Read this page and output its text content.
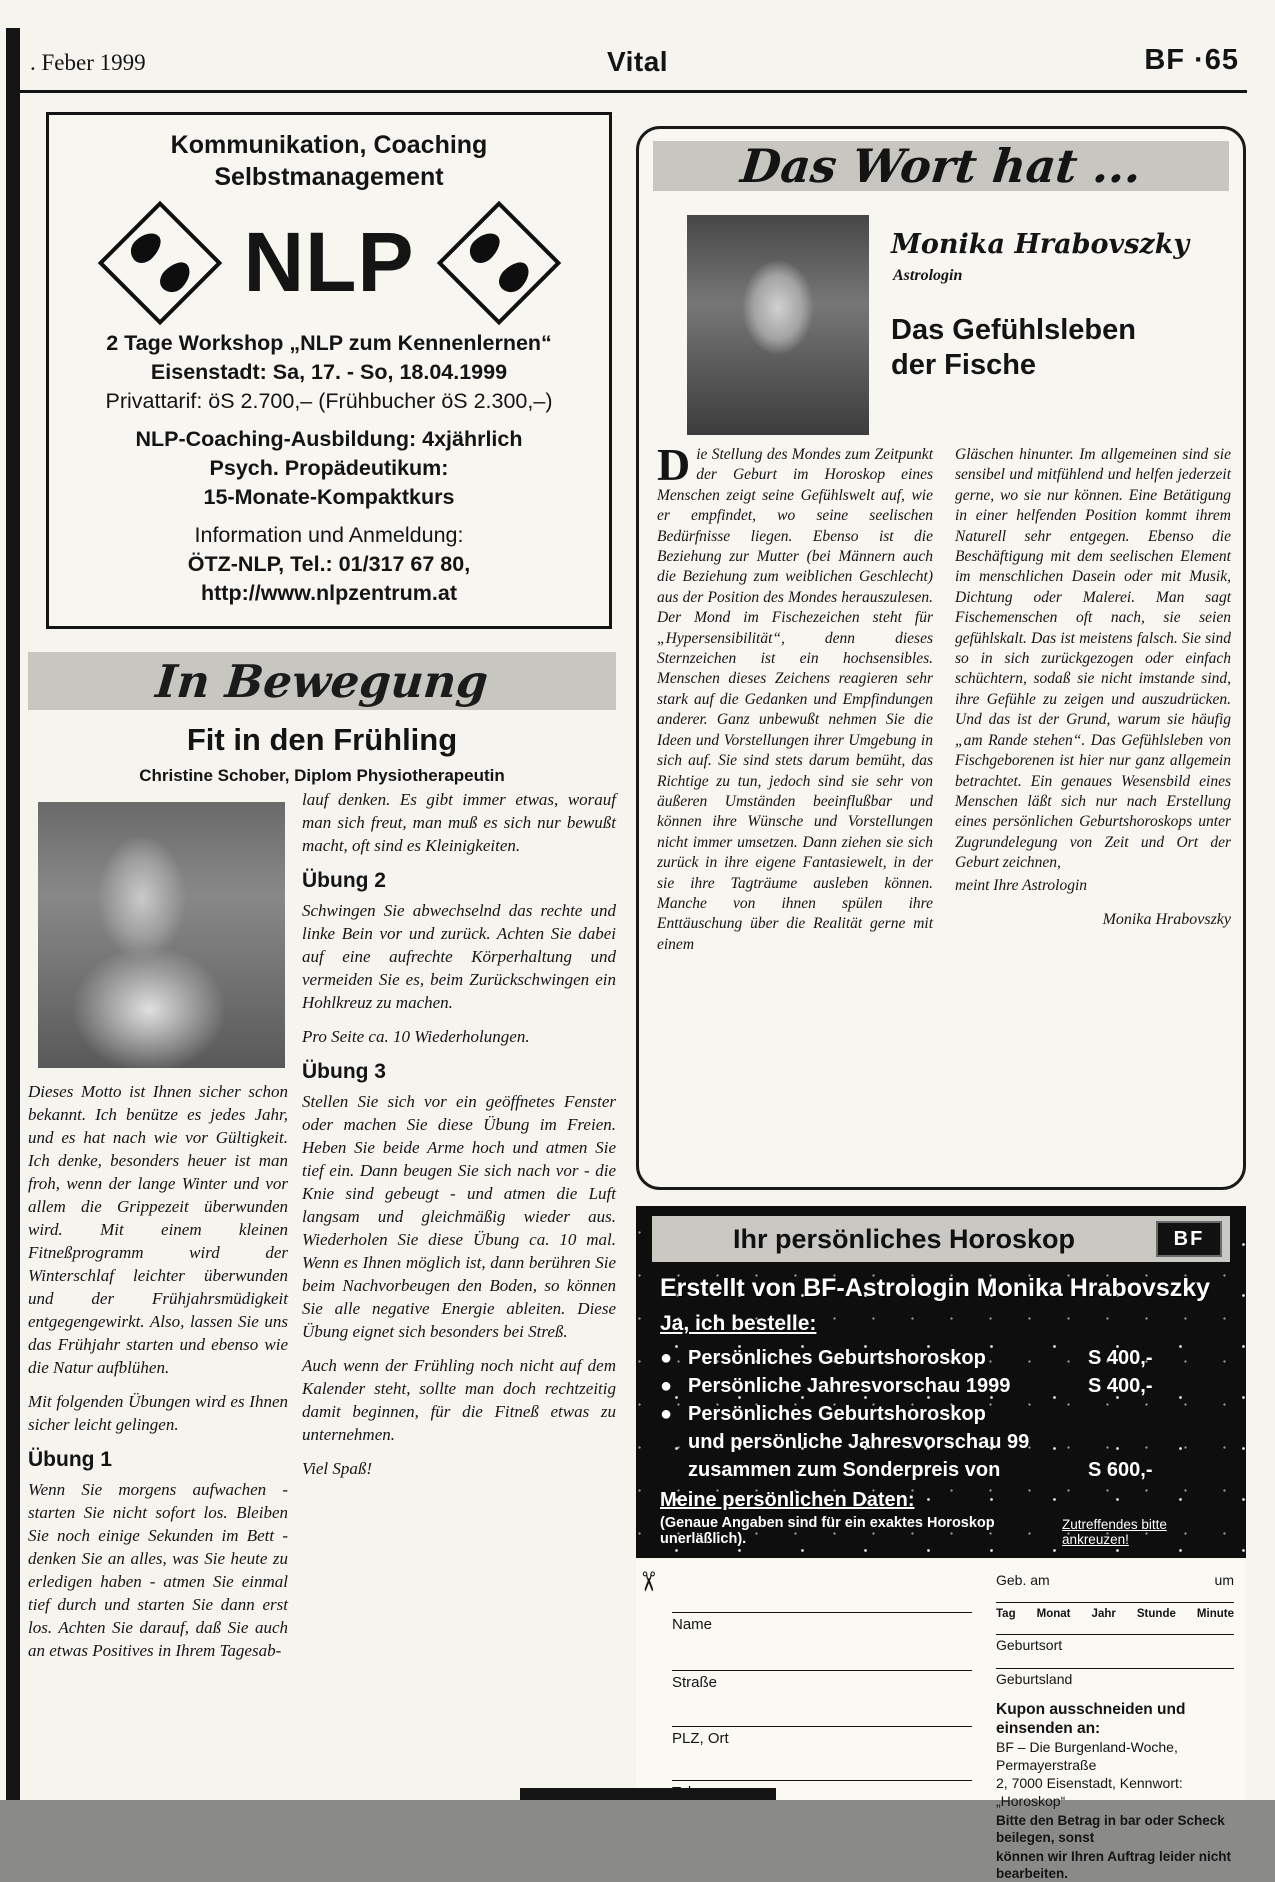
. Feber 1999	Vital	BF ·65
Kommunikation, Coaching
Selbstmanagement
NLP
2 Tage Workshop „NLP zum Kennenlernen“
Eisenstadt: Sa, 17. - So, 18.04.1999
Privattarif: öS 2.700,– (Frühbucher öS 2.300,–)
NLP-Coaching-Ausbildung: 4xjährlich
Psych. Propädeutikum:
15-Monate-Kompaktkurs
Information und Anmeldung:
ÖTZ-NLP, Tel.: 01/317 67 80,
http://www.nlpzentrum.at
In Bewegung
Fit in den Frühling
Christine Schober, Diplom Physiotherapeutin

lauf denken. Es gibt immer etwas, worauf man sich freut, man muß es sich nur bewußt macht, oft sind es Kleinigkeiten.

Übung 2

Schwingen Sie abwechselnd das rechte und linke Bein vor und zurück. Achten Sie dabei auf eine aufrechte Körperhaltung und vermeiden Sie es, beim Zurückschwingen ein Hohlkreuz zu machen.

Pro Seite ca. 10 Wiederholungen.

Übung 3

Stellen Sie sich vor ein geöffnetes Fenster oder machen Sie diese Übung im Freien. Heben Sie beide Arme hoch und atmen Sie tief ein. Dann beugen Sie sich nach vor - die Knie sind gebeugt - und atmen die Luft langsam und gleichmäßig wieder aus. Wiederholen Sie diese Übung ca. 10 mal. Wenn es Ihnen möglich ist, dann berühren Sie beim Nachvorbeugen den Boden, so können Sie alle negative Energie ableiten. Diese Übung eignet sich besonders bei Streß.

Auch wenn der Frühling noch nicht auf dem Kalender steht, sollte man doch rechtzeitig damit beginnen, für die Fitneß etwas zu unternehmen.

Viel Spaß!

Dieses Motto ist Ihnen sicher schon bekannt. Ich benütze es jedes Jahr, und es hat nach wie vor Gültigkeit. Ich denke, besonders heuer ist man froh, wenn der lange Winter und vor allem die Grippezeit überwunden wird. Mit einem kleinen Fitneßprogramm wird der Winterschlaf leichter überwunden und der Frühjahrsmüdigkeit entgegengewirkt. Also, lassen Sie uns das Frühjahr starten und ebenso wie die Natur aufblühen.

Mit folgenden Übungen wird es Ihnen sicher leicht gelingen.

Übung 1

Wenn Sie morgens aufwachen - starten Sie nicht sofort los. Bleiben Sie noch einige Sekunden im Bett - denken Sie an alles, was Sie heute zu erledigen haben - atmen Sie einmal tief durch und starten Sie dann erst los. Achten Sie darauf, daß Sie auch an etwas Positives in Ihrem Tagesab-

Das Wort hat ...
Monika Hrabovszky
Astrologin
Das Gefühlsleben
der Fische
Die Stellung des Mondes zum Zeitpunkt der Geburt im Horoskop eines Menschen zeigt seine Gefühlswelt auf, wie er empfindet, wo seine seelischen Bedürfnisse liegen. Ebenso ist die Beziehung zur Mutter (bei Männern auch die Beziehung zum weiblichen Geschlecht) aus der Position des Mondes herauszulesen. Der Mond im Fischezeichen steht für „Hypersensibilität“, denn dieses Sternzeichen ist ein hochsensibles. Menschen dieses Zeichens reagieren sehr stark auf die Gedanken und Empfindungen anderer. Ganz unbewußt nehmen Sie die Ideen und Vorstellungen ihrer Umgebung in sich auf. Sie sind stets darum bemüht, das Richtige zu tun, jedoch sind sie sehr von äußeren Umständen beeinflußbar und können ihre Wünsche und Vorstellungen nicht immer umsetzen. Dann ziehen sie sich zurück in ihre eigene Fantasiewelt, in der sie ihre Tagträume ausleben können. Manche von ihnen spülen ihre Enttäuschung über die Realität gerne mit einem
Gläschen hinunter. Im allgemeinen sind sie sensibel und mitfühlend und helfen jederzeit gerne, wo sie nur können. Eine Betätigung in einer helfenden Position kommt ihrem Naturell sehr entgegen. Ebenso die Beschäftigung mit dem seelischen Element im menschlichen Dasein oder mit Musik, Dichtung oder Malerei. Man sagt Fischemenschen oft nach, sie seien gefühlskalt. Das ist meistens falsch. Sie sind so in sich zurückgezogen oder einfach schüchtern, sodaß sie nicht imstande sind, ihre Gefühle zu zeigen und auszudrücken. Und das ist der Grund, warum sie häufig „am Rande stehen“. Das Gefühlsleben von Fischgeborenen ist hier nur ganz allgemein betrachtet. Ein genaues Wesensbild eines Menschen läßt sich nur nach Erstellung eines persönlichen Geburtshoroskops unter Zugrundelegung von Zeit und Ort der Geburt zeichnen,
meint Ihre Astrologin
Monika Hrabovszky
Ihr persönliches Horoskop	BF
Erstellt von BF-Astrologin Monika Hrabovszky
Ja, ich bestelle:
● Persönliches Geburtshoroskop	S 400,-
● Persönliche Jahresvorschau 1999	S 400,-
● Persönliches Geburtshoroskop
und persönliche Jahresvorschau 99
zusammen zum Sonderpreis von	S 600,-
Meine persönlichen Daten:
(Genaue Angaben sind für ein exaktes Horoskop unerläßlich).
Zutreffendes bitte ankreuzen!
✂
Name
Straße
PLZ, Ort
Geb. am	um
Tag Monat Jahr Stunde Minute
Geburtsort
Geburtsland
Kupon ausschneiden und einsenden an:
BF – Die Burgenland-Woche, Permayerstraße
2, 7000 Eisenstadt, Kennwort: „Horoskop“
Bitte den Betrag in bar oder Scheck beilegen, sonst
können wir Ihren Auftrag leider nicht bearbeiten.
